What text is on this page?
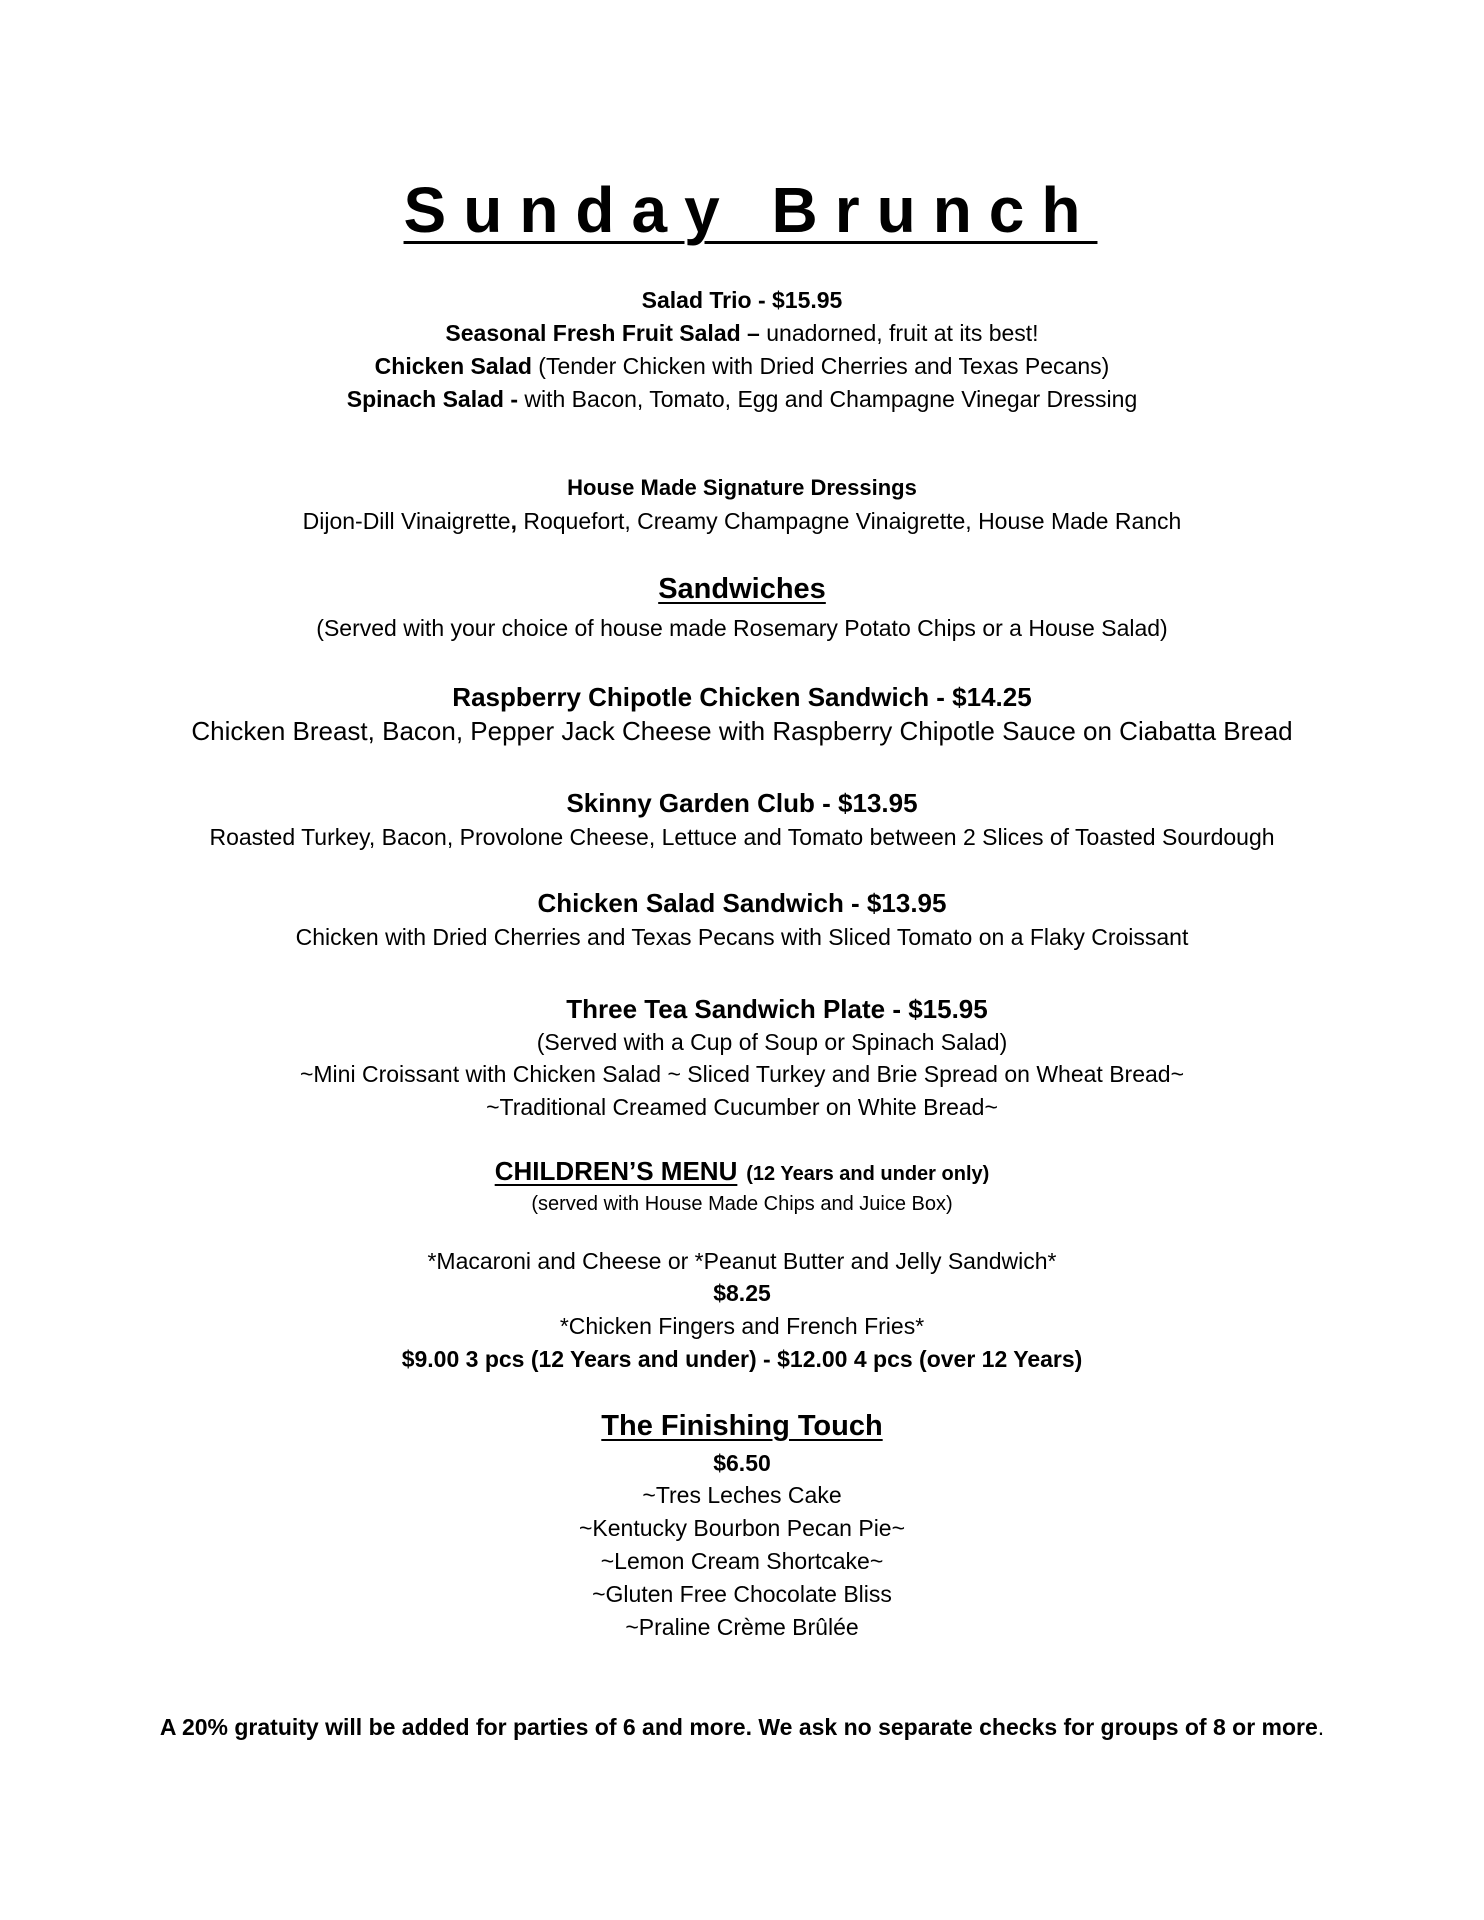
Sunday Brunch
Salad Trio - $15.95
Seasonal Fresh Fruit Salad – unadorned, fruit at its best!
Chicken Salad (Tender Chicken with Dried Cherries and Texas Pecans)
Spinach Salad - with Bacon, Tomato, Egg and Champagne Vinegar Dressing
House Made Signature Dressings
Dijon-Dill Vinaigrette, Roquefort, Creamy Champagne Vinaigrette, House Made Ranch
Sandwiches
(Served with your choice of house made Rosemary Potato Chips or a House Salad)
Raspberry Chipotle Chicken Sandwich - $14.25
Chicken Breast, Bacon, Pepper Jack Cheese with Raspberry Chipotle Sauce on Ciabatta Bread
Skinny Garden Club - $13.95
Roasted Turkey, Bacon, Provolone Cheese, Lettuce and Tomato between 2 Slices of Toasted Sourdough
Chicken Salad Sandwich - $13.95
Chicken with Dried Cherries and Texas Pecans with Sliced Tomato on a Flaky Croissant
Three Tea Sandwich Plate - $15.95
(Served with a Cup of Soup or Spinach Salad)
~Mini Croissant with Chicken Salad ~ Sliced Turkey and Brie Spread on Wheat Bread~
~Traditional Creamed Cucumber on White Bread~
CHILDREN’S MENU (12 Years and under only)
(served with House Made Chips and Juice Box)
*Macaroni and Cheese or *Peanut Butter and Jelly Sandwich*
$8.25
*Chicken Fingers and French Fries*
$9.00 3 pcs (12 Years and under) - $12.00 4 pcs (over 12 Years)
The Finishing Touch
$6.50
~Tres Leches Cake
~Kentucky Bourbon Pecan Pie~
~Lemon Cream Shortcake~
~Gluten Free Chocolate Bliss
~Praline Crème Brûlée
A 20% gratuity will be added for parties of 6 and more. We ask no separate checks for groups of 8 or more.
